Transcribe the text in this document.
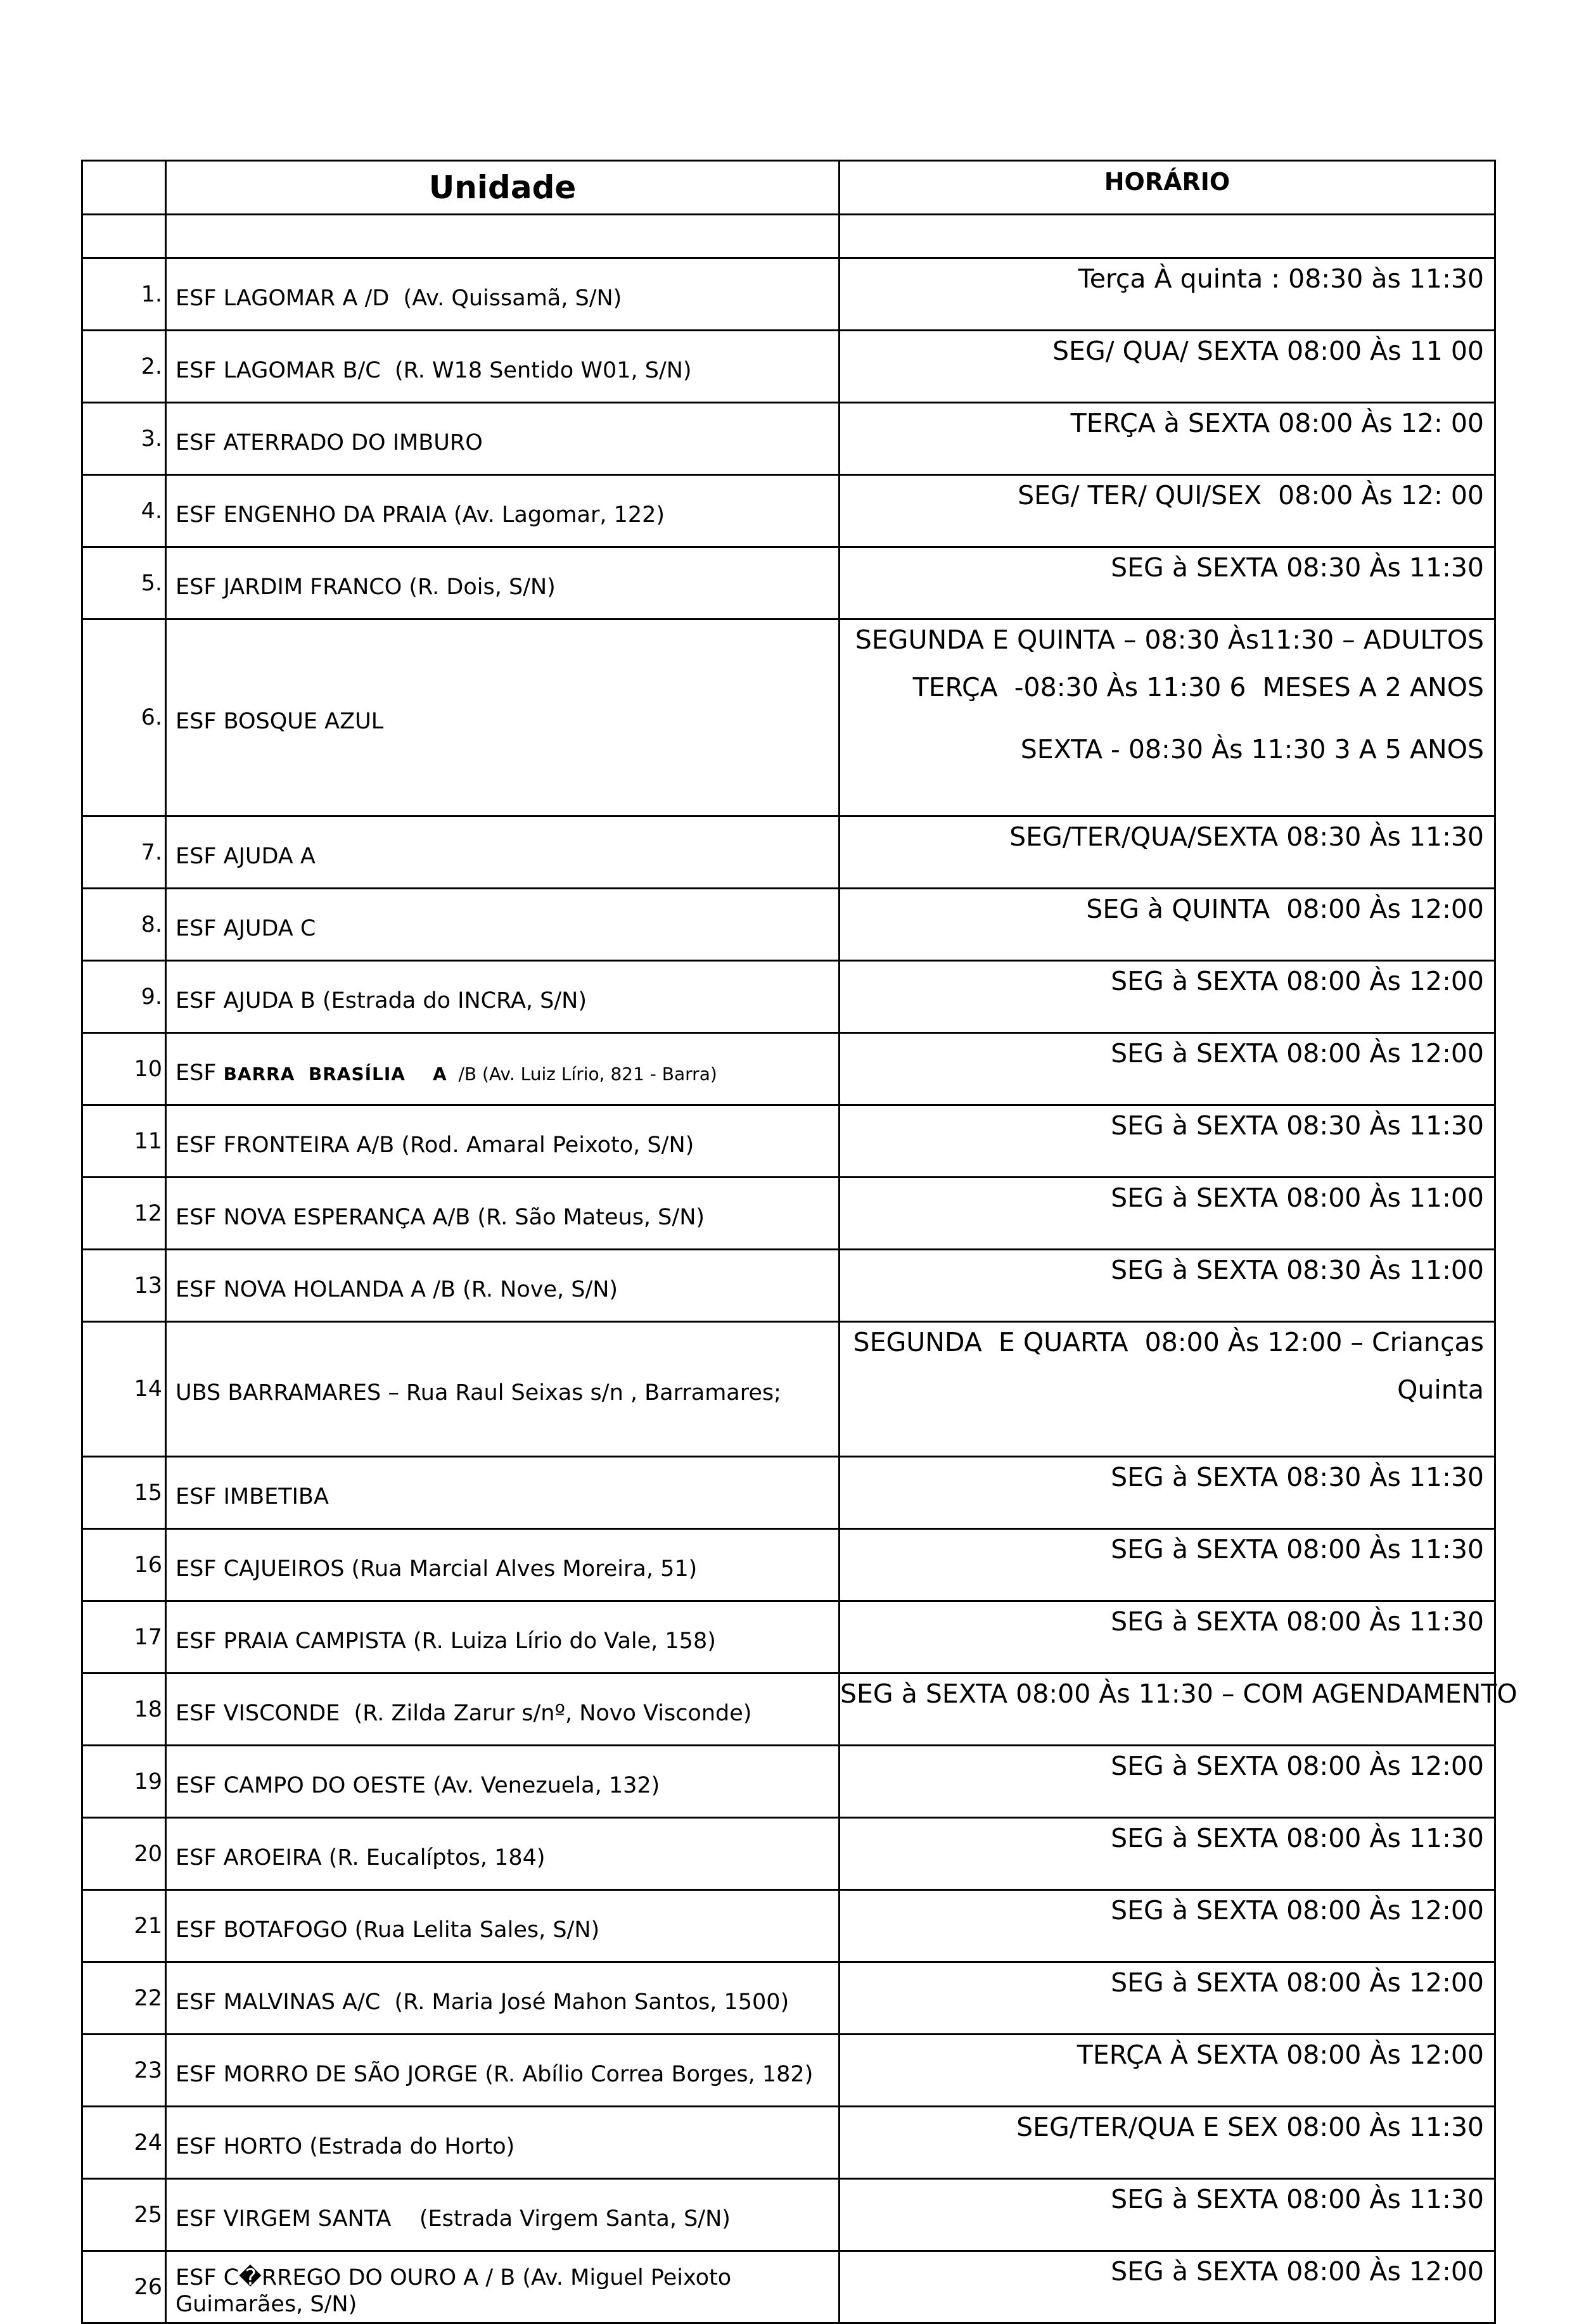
	Unidade	HORÁRIO

1.	ESF LAGOMAR A /D  (Av. Quissamã, S/N)	Terça À quinta : 08:30 às 11:30

2.	ESF LAGOMAR B/C  (R. W18 Sentido W01, S/N)	SEG/ QUA/ SEXTA 08:00 Às 11 00

3.	ESF ATERRADO DO IMBURO	TERÇA à SEXTA 08:00 Às 12: 00

4.	ESF ENGENHO DA PRAIA (Av. Lagomar, 122)	SEG/ TER/ QUI/SEX  08:00 Às 12: 00

5.	ESF JARDIM FRANCO (R. Dois, S/N)	SEG à SEXTA 08:30 Às 11:30

6.	ESF BOSQUE AZUL	SEGUNDA E QUINTA – 08:30 Às11:30 – ADULTOS
TERÇA  -08:30 Às 11:30 6  MESES A 2 ANOS
SEXTA - 08:30 Às 11:30 3 A 5 ANOS

7.	ESF AJUDA A	SEG/TER/QUA/SEXTA 08:30 Às 11:30

8.	ESF AJUDA C	SEG à QUINTA  08:00 Às 12:00

9.	ESF AJUDA B (Estrada do INCRA, S/N)	SEG à SEXTA 08:00 Às 12:00

10	ESF BARRA  BRASÍLIA    A  /B (Av. Luiz Lírio, 821 - Barra)	SEG à SEXTA 08:00 Às 12:00

11	ESF FRONTEIRA A/B (Rod. Amaral Peixoto, S/N)	SEG à SEXTA 08:30 Às 11:30

12	ESF NOVA ESPERANÇA A/B (R. São Mateus, S/N)	SEG à SEXTA 08:00 Às 11:00

13	ESF NOVA HOLANDA A /B (R. Nove, S/N)	SEG à SEXTA 08:30 Às 11:00

14	UBS BARRAMARES – Rua Raul Seixas s/n , Barramares;	SEGUNDA  E QUARTA  08:00 Às 12:00 – Crianças
Quinta

15	ESF IMBETIBA	SEG à SEXTA 08:30 Às 11:30

16	ESF CAJUEIROS (Rua Marcial Alves Moreira, 51)	SEG à SEXTA 08:00 Às 11:30

17	ESF PRAIA CAMPISTA (R. Luiza Lírio do Vale, 158)	SEG à SEXTA 08:00 Às 11:30

18	ESF VISCONDE  (R. Zilda Zarur s/nº, Novo Visconde)	SEG à SEXTA 08:00 Às 11:30 – COM AGENDAMENTO

19	ESF CAMPO DO OESTE (Av. Venezuela, 132)	SEG à SEXTA 08:00 Às 12:00

20	ESF AROEIRA (R. Eucalíptos, 184)	SEG à SEXTA 08:00 Às 11:30

21	ESF BOTAFOGO (Rua Lelita Sales, S/N)	SEG à SEXTA 08:00 Às 12:00

22	ESF MALVINAS A/C  (R. Maria José Mahon Santos, 1500)	SEG à SEXTA 08:00 Às 12:00

23	ESF MORRO DE SÃO JORGE (R. Abílio Correa Borges, 182)	TERÇA À SEXTA 08:00 Às 12:00

24	ESF HORTO (Estrada do Horto)	SEG/TER/QUA E SEX 08:00 Às 11:30

25	ESF VIRGEM SANTA    (Estrada Virgem Santa, S/N)	SEG à SEXTA 08:00 Às 11:30

26	ESF C�RREGO DO OURO A / B (Av. Miguel Peixoto Guimarães, S/N)	SEG à SEXTA 08:00 Às 12:00
